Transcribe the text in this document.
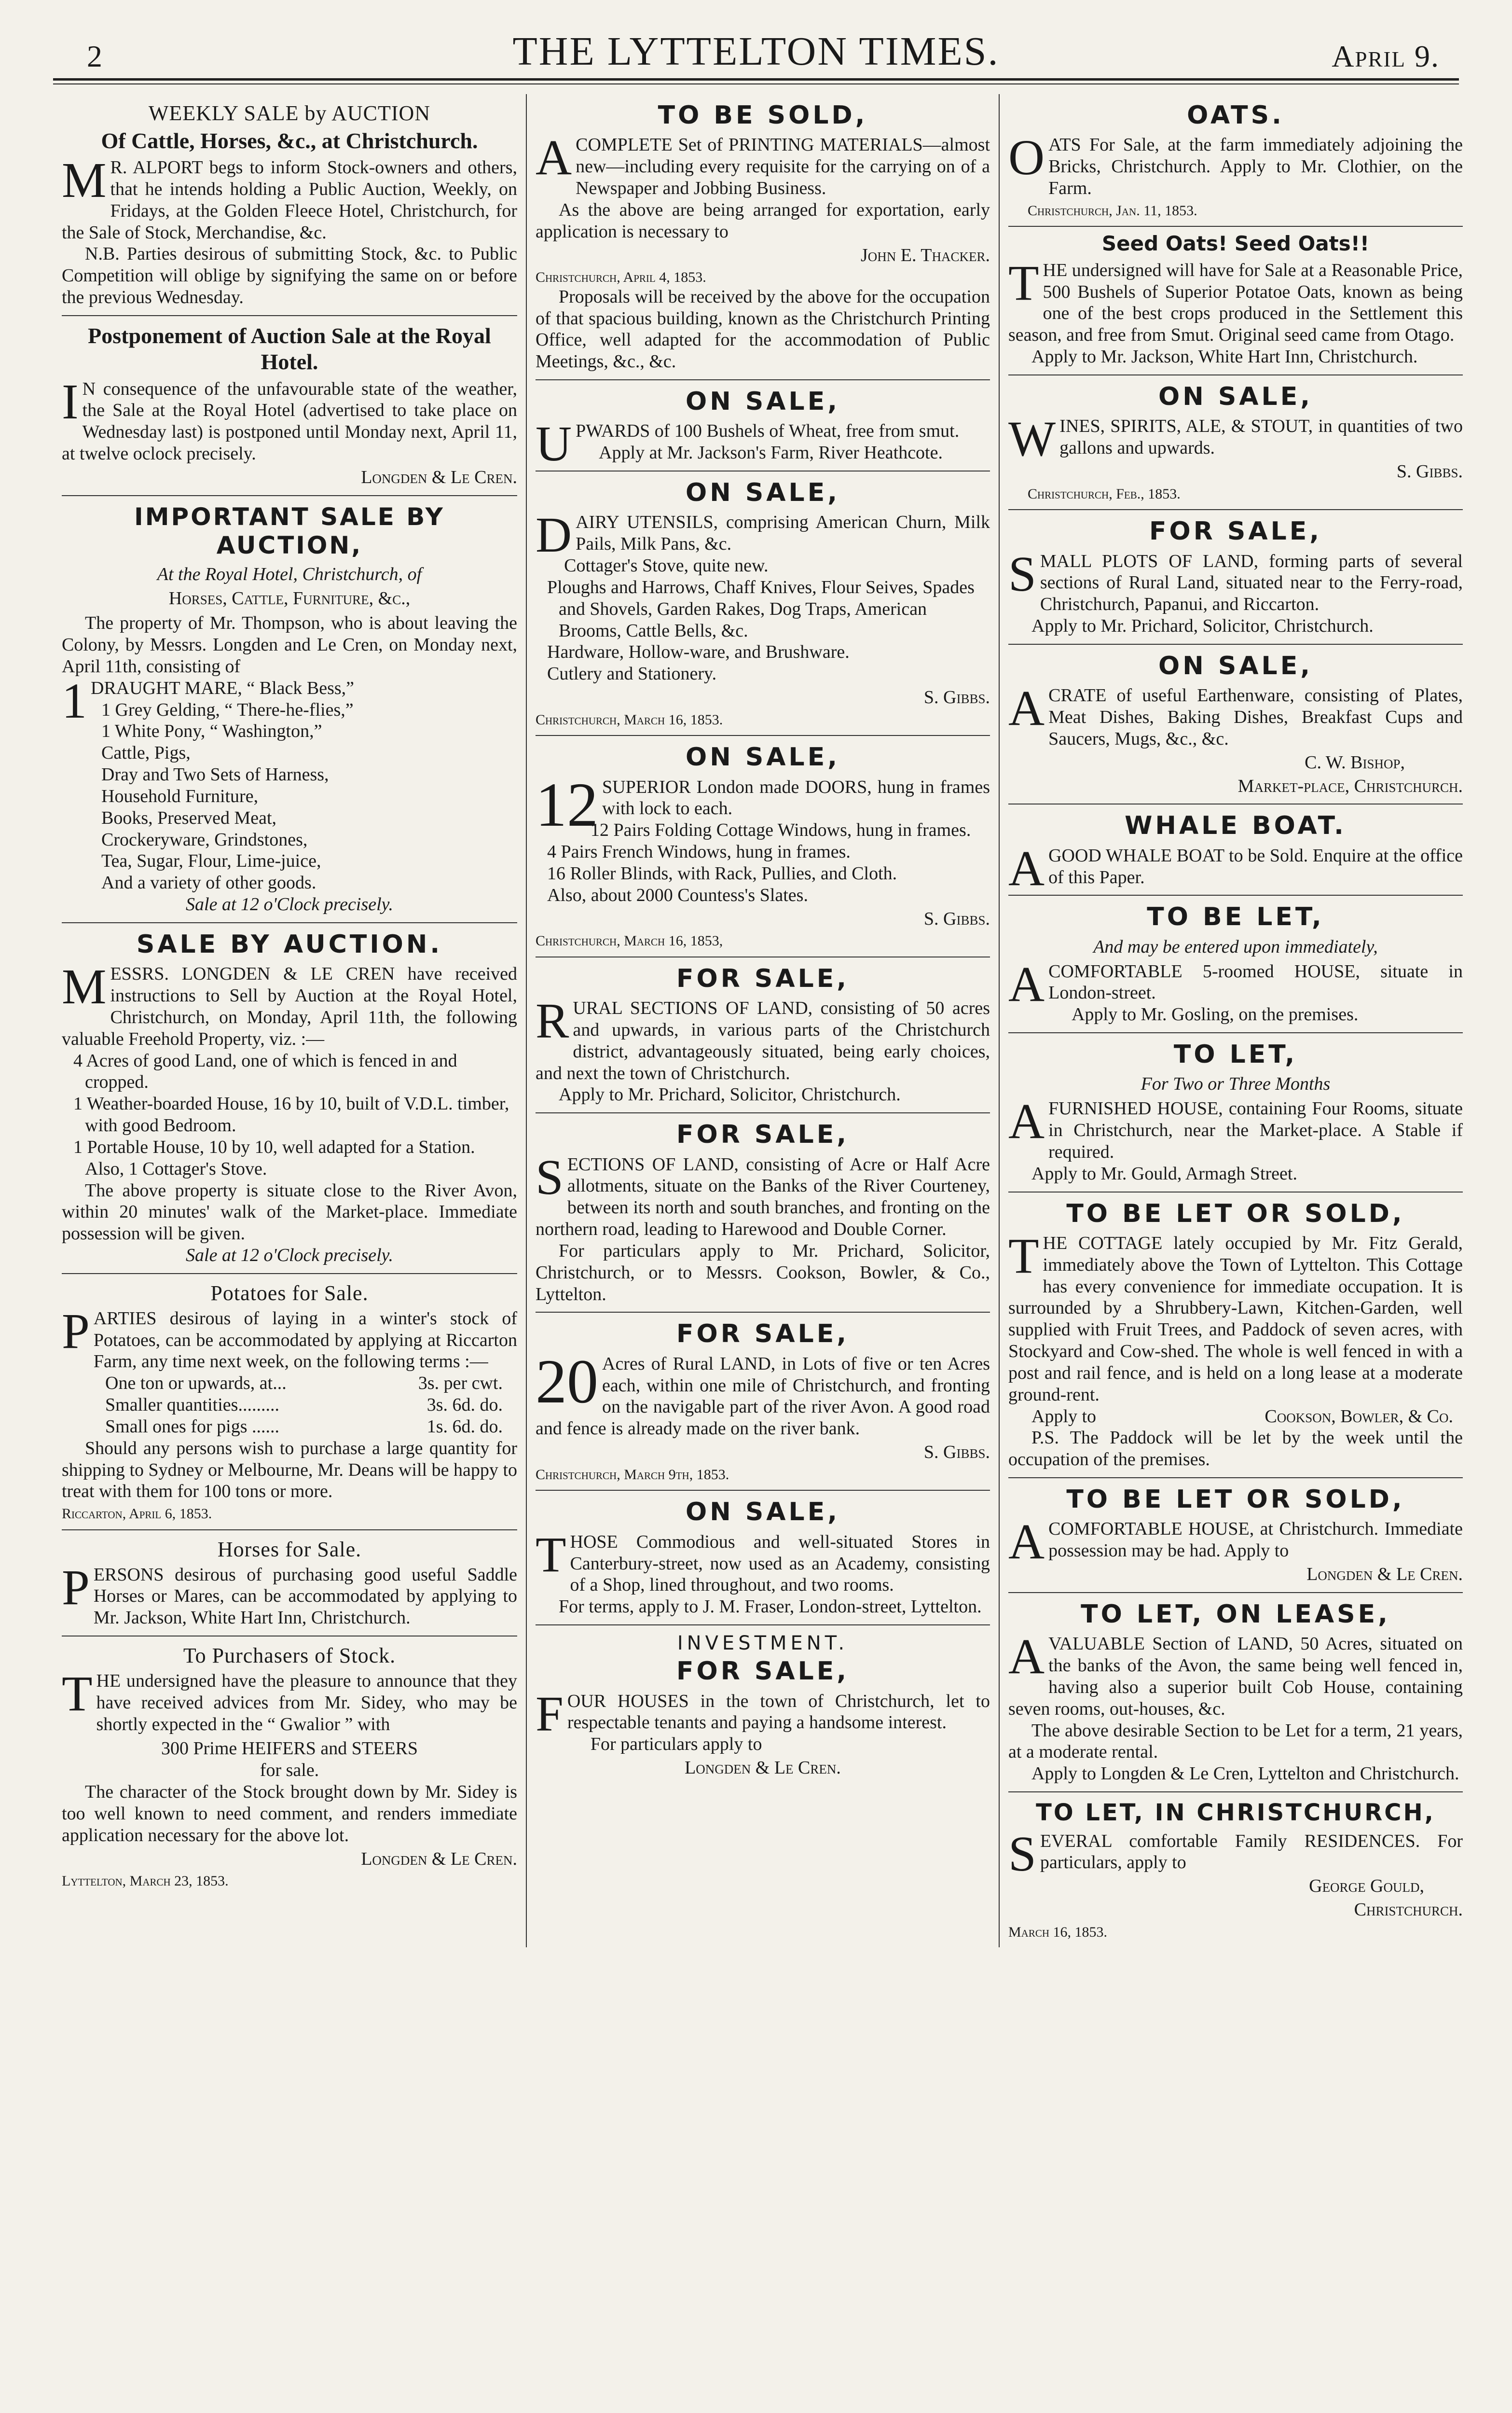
2	THE LYTTELTON TIMES.	April 9.
WEEKLY SALE by AUCTION
Of Cattle, Horses, &c., at Christchurch.

M R. ALPORT begs to inform Stock-owners and others, that he intends holding a Public Auction, Weekly, on Fridays, at the Golden Fleece Hotel, Christchurch, for the Sale of Stock, Merchandise, &c.

N.B. Parties desirous of submitting Stock, &c. to Public Competition will oblige by signifying the same on or before the previous Wednesday.

Postponement of Auction Sale at the Royal Hotel.

I N consequence of the unfavourable state of the weather, the Sale at the Royal Hotel (advertised to take place on Wednesday last) is postponed until Monday next, April 11, at twelve oclock precisely.

Longden & Le Cren.
IMPORTANT SALE BY AUCTION,
At the Royal Hotel, Christchurch, of
Horses, Cattle, Furniture, &c.,

The property of Mr. Thompson, who is about leaving the Colony, by Messrs. Longden and Le Cren, on Monday next, April 11th, consisting of

1 DRAUGHT MARE, “ Black Bess,”

1 Grey Gelding, “ There-he-flies,”
1 White Pony, “ Washington,”
Cattle, Pigs,
Dray and Two Sets of Harness,
Household Furniture,
Books, Preserved Meat,
Crockeryware, Grindstones,
Tea, Sugar, Flour, Lime-juice,
And a variety of other goods.
Sale at 12 o'Clock precisely.
SALE BY AUCTION.

MESSRS. LONGDEN & LE CREN have received instructions to Sell by Auction at the Royal Hotel, Christchurch, on Monday, April 11th, the following valuable Freehold Property, viz. :—

4 Acres of good Land, one of which is fenced in and cropped.
1 Weather-boarded House, 16 by 10, built of V.D.L. timber, with good Bedroom.
1 Portable House, 10 by 10, well adapted for a Station.

Also, 1 Cottager's Stove.

The above property is situate close to the River Avon, within 20 minutes' walk of the Market-place. Immediate possession will be given.

Sale at 12 o'Clock precisely.
Potatoes for Sale.

PARTIES desirous of laying in a winter's stock of Potatoes, can be accommodated by applying at Riccarton Farm, any time next week, on the following terms :—

One ton or upwards, at...	3s. per cwt.
Smaller quantities.........	3s. 6d. do.
Small ones for pigs ......	1s. 6d. do.

Should any persons wish to purchase a large quantity for shipping to Sydney or Melbourne, Mr. Deans will be happy to treat with them for 100 tons or more.

Riccarton, April 6, 1853.
Horses for Sale.

PERSONS desirous of purchasing good useful Saddle Horses or Mares, can be accommodated by applying to Mr. Jackson, White Hart Inn, Christchurch.

To Purchasers of Stock.

THE undersigned have the pleasure to announce that they have received advices from Mr. Sidey, who may be shortly expected in the “ Gwalior ” with

300 Prime HEIFERS and STEERS
for sale.

The character of the Stock brought down by Mr. Sidey is too well known to need comment, and renders immediate application necessary for the above lot.

Longden & Le Cren.
Lyttelton, March 23, 1853.
TO BE SOLD,

ACOMPLETE Set of PRINTING MATERIALS—almost new—including every requisite for the carrying on of a Newspaper and Jobbing Business.

As the above are being arranged for exportation, early application is necessary to

John E. Thacker.
Christchurch, April 4, 1853.

Proposals will be received by the above for the occupation of that spacious building, known as the Christchurch Printing Office, well adapted for the accommodation of Public Meetings, &c., &c.

ON SALE,

UPWARDS of 100 Bushels of Wheat, free from smut.

Apply at Mr. Jackson's Farm, River Heathcote.

ON SALE,

DAIRY UTENSILS, comprising American Churn, Milk Pails, Milk Pans, &c.

Cottager's Stove, quite new.
Ploughs and Harrows, Chaff Knives, Flour Seives, Spades and Shovels, Garden Rakes, Dog Traps, American Brooms, Cattle Bells, &c.
Hardware, Hollow-ware, and Brushware.
Cutlery and Stationery.
S. Gibbs.
Christchurch, March 16, 1853.
ON SALE,

12 SUPERIOR London made DOORS, hung in frames with lock to each.

12 Pairs Folding Cottage Windows, hung in frames.
4 Pairs French Windows, hung in frames.
16 Roller Blinds, with Rack, Pullies, and Cloth.
Also, about 2000 Countess's Slates.
S. Gibbs.
Christchurch, March 16, 1853,
FOR SALE,

RURAL SECTIONS OF LAND, consisting of 50 acres and upwards, in various parts of the Christchurch district, advantageously situated, being early choices, and next the town of Christchurch.

Apply to Mr. Prichard, Solicitor, Christchurch.

FOR SALE,

SECTIONS OF LAND, consisting of Acre or Half Acre allotments, situate on the Banks of the River Courteney, between its north and south branches, and fronting on the northern road, leading to Harewood and Double Corner.

For particulars apply to Mr. Prichard, Solicitor, Christchurch, or to Messrs. Cookson, Bowler, & Co., Lyttelton.

FOR SALE,

20 Acres of Rural LAND, in Lots of five or ten Acres each, within one mile of Christchurch, and fronting on the navigable part of the river Avon. A good road and fence is already made on the river bank.

S. Gibbs.
Christchurch, March 9th, 1853.
ON SALE,

THOSE Commodious and well-situated Stores in Canterbury-street, now used as an Academy, consisting of a Shop, lined throughout, and two rooms.

For terms, apply to J. M. Fraser, London-street, Lyttelton.

INVESTMENT.
FOR SALE,

FOUR HOUSES in the town of Christchurch, let to respectable tenants and paying a handsome interest.

For particulars apply to

Longden & Le Cren.
OATS.

OATS For Sale, at the farm immediately adjoining the Bricks, Christchurch. Apply to Mr. Clothier, on the Farm.

Christchurch, Jan. 11, 1853.
Seed Oats! Seed Oats!!

THE undersigned will have for Sale at a Reasonable Price, 500 Bushels of Superior Potatoe Oats, known as being one of the best crops produced in the Settlement this season, and free from Smut. Original seed came from Otago.

Apply to Mr. Jackson, White Hart Inn, Christchurch.

ON SALE,

WINES, SPIRITS, ALE, & STOUT, in quantities of two gallons and upwards.

S. Gibbs.
Christchurch, Feb., 1853.
FOR SALE,

SMALL PLOTS OF LAND, forming parts of several sections of Rural Land, situated near to the Ferry-road, Christchurch, Papanui, and Riccarton.

Apply to Mr. Prichard, Solicitor, Christchurch.

ON SALE,

ACRATE of useful Earthenware, consisting of Plates, Meat Dishes, Baking Dishes, Breakfast Cups and Saucers, Mugs, &c., &c.

C. W. Bishop,
Market-place, Christchurch.
WHALE BOAT.

AGOOD WHALE BOAT to be Sold. Enquire at the office of this Paper.

TO BE LET,
And may be entered upon immediately,

ACOMFORTABLE 5-roomed HOUSE, situate in London-street.

Apply to Mr. Gosling, on the premises.

TO LET,
For Two or Three Months

AFURNISHED HOUSE, containing Four Rooms, situate in Christchurch, near the Market-place. A Stable if required.

Apply to Mr. Gould, Armagh Street.

TO BE LET OR SOLD,

THE COTTAGE lately occupied by Mr. Fitz Gerald, immediately above the Town of Lyttelton. This Cottage has every convenience for immediate occupation. It is surrounded by a Shrubbery-Lawn, Kitchen-Garden, well supplied with Fruit Trees, and Paddock of seven acres, with Stockyard and Cow-shed. The whole is well fenced in with a post and rail fence, and is held on a long lease at a moderate ground-rent.

Apply to	Cookson, Bowler, & Co.

P.S. The Paddock will be let by the week until the occupation of the premises.

TO BE LET OR SOLD,

ACOMFORTABLE HOUSE, at Christchurch. Immediate possession may be had. Apply to

Longden & Le Cren.
TO LET, ON LEASE,

AVALUABLE Section of LAND, 50 Acres, situated on the banks of the Avon, the same being well fenced in, having also a superior built Cob House, containing seven rooms, out-houses, &c.

The above desirable Section to be Let for a term, 21 years, at a moderate rental.

Apply to Longden & Le Cren, Lyttelton and Christchurch.

TO LET, IN CHRISTCHURCH,

SEVERAL comfortable Family RESIDENCES. For particulars, apply to

George Gould,
Christchurch.
March 16, 1853.
